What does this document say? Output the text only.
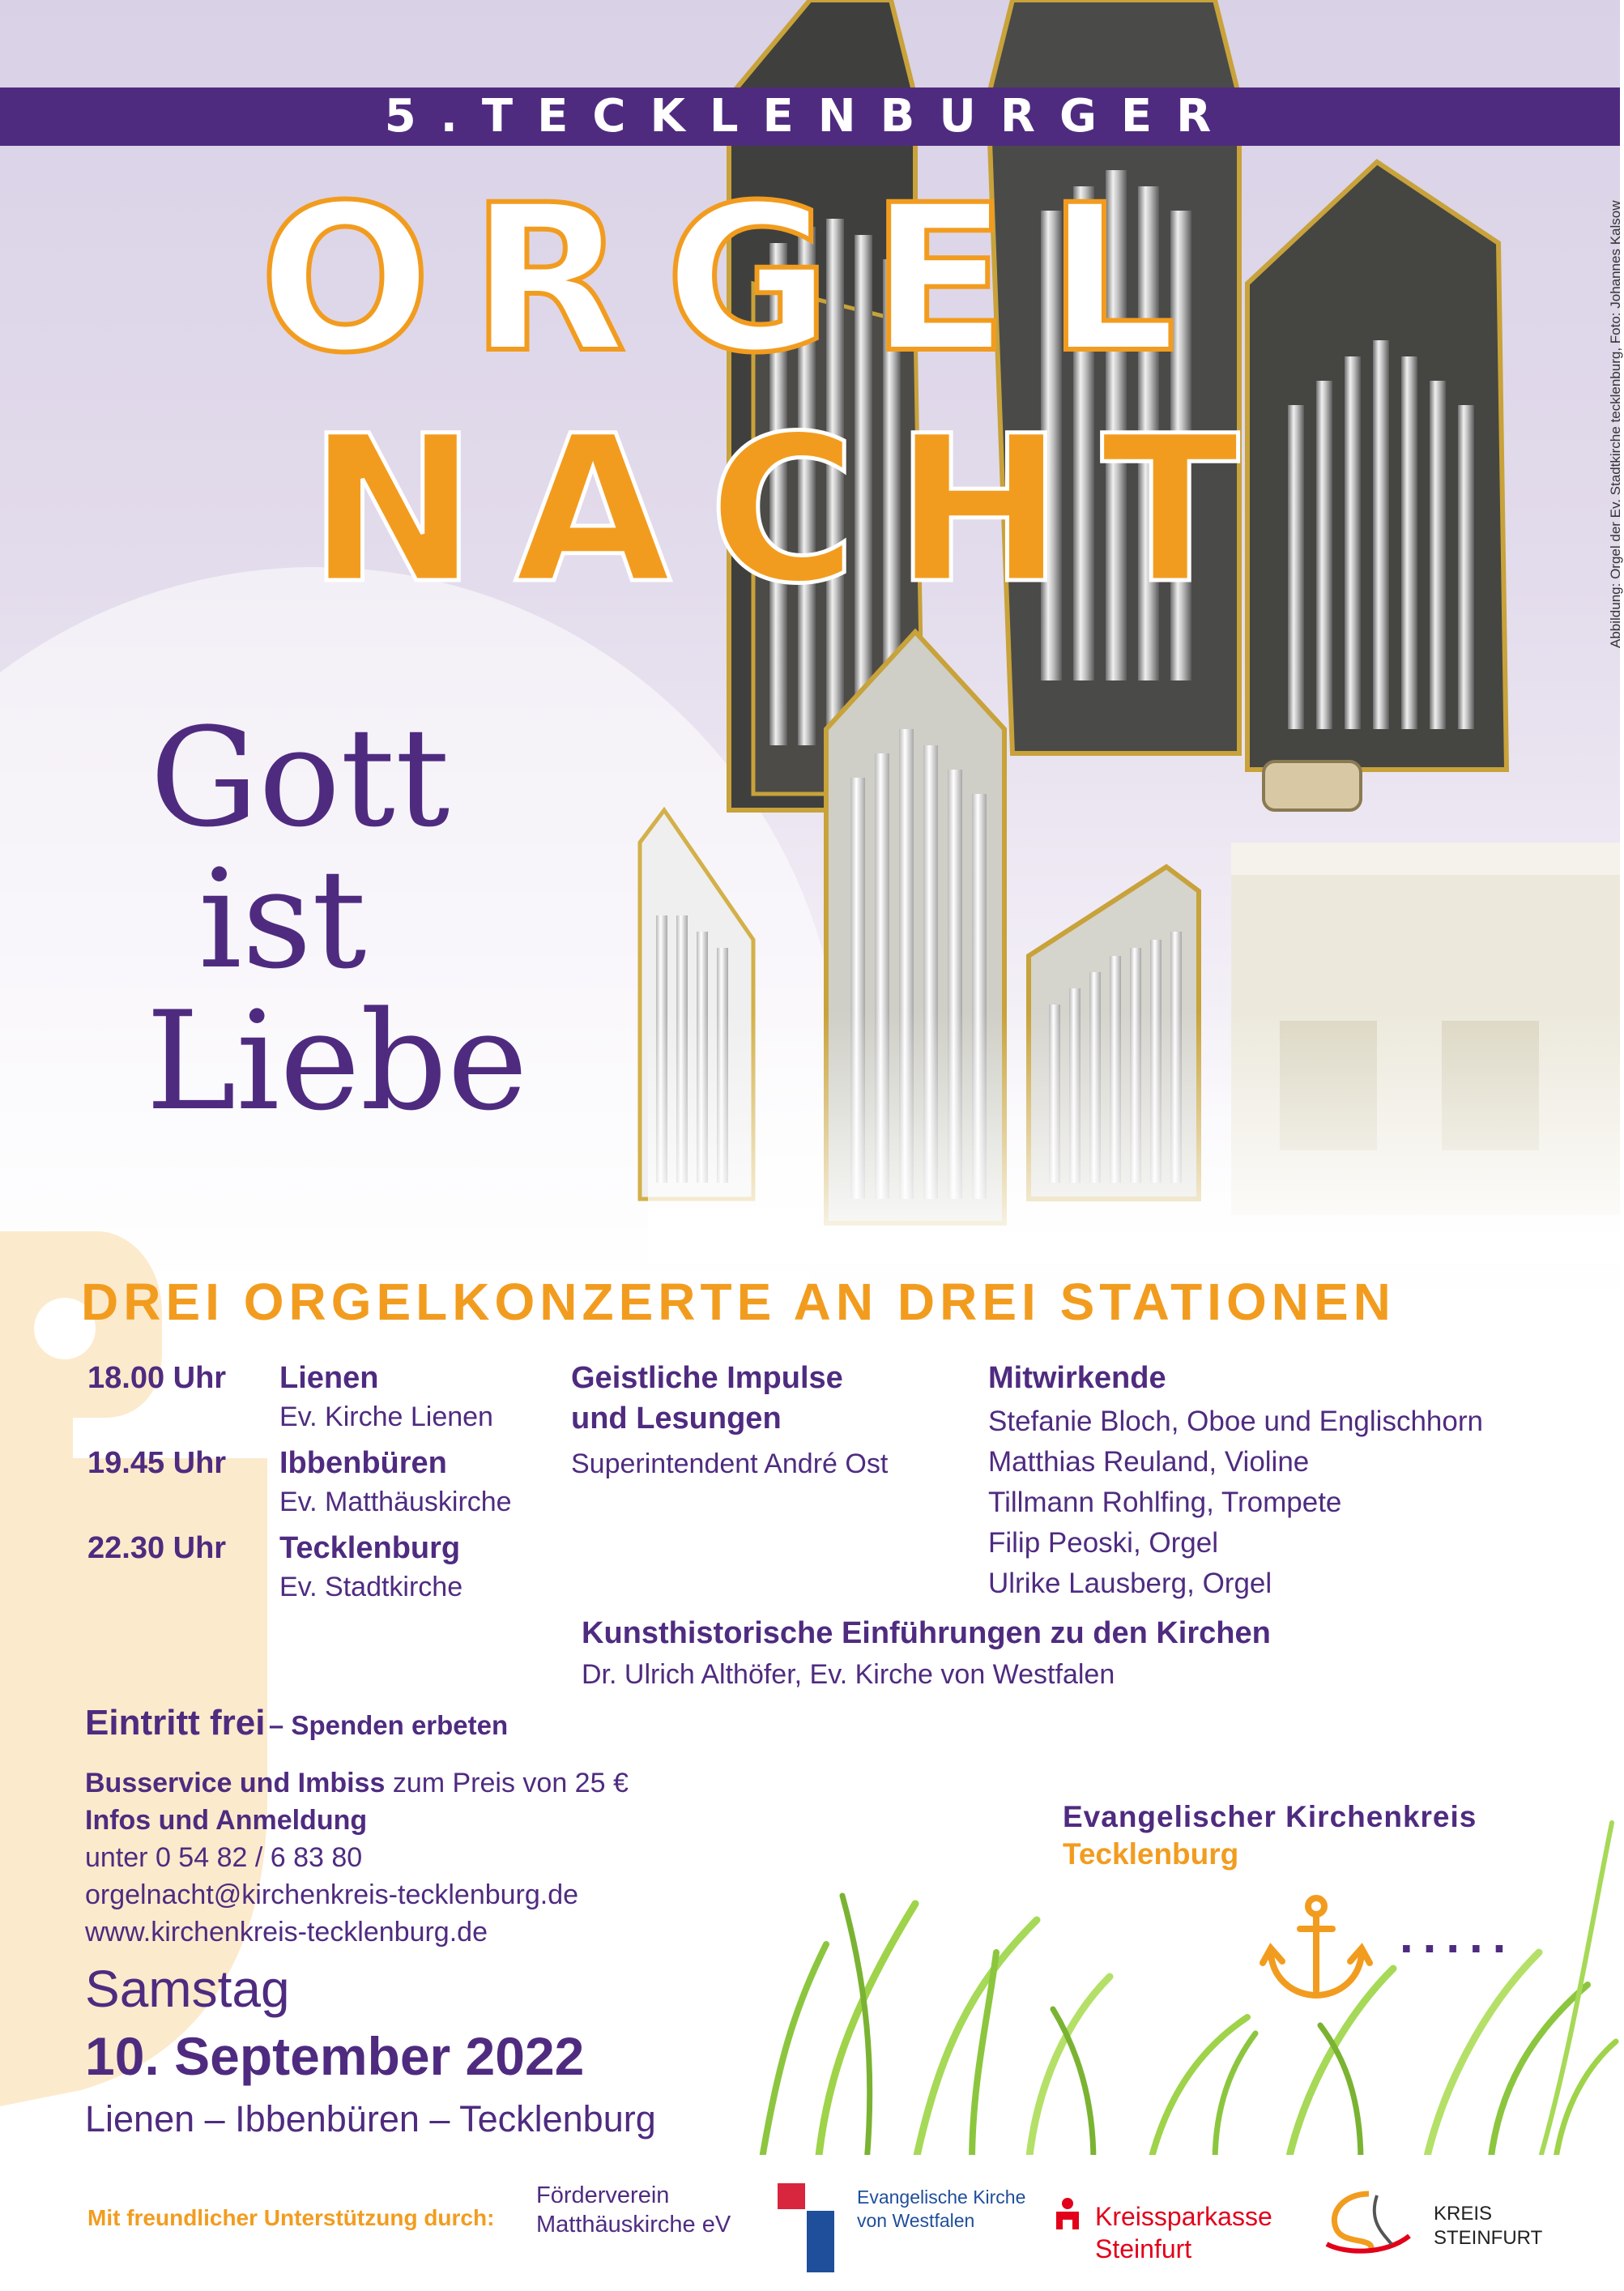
5.TECKLENBURGER
ORGEL
NACHT
Gott
ist
Liebe
Abbildung: Orgel der Ev. Stadtkirche tecklenburg, Foto: Johannes Kalsow
DREI ORGELKONZERTE AN DREI STATIONEN
18.00 Uhr Lienen
Ev. Kirche Lienen
19.45 Uhr Ibbenbüren
Ev. Matthäuskirche
22.30 Uhr Tecklenburg
Ev. Stadtkirche
Geistliche Impulse
und Lesungen
Superintendent André Ost
Mitwirkende
Stefanie Bloch, Oboe und Englischhorn
Matthias Reuland, Violine
Tillmann Rohlfing, Trompete
Filip Peoski, Orgel
Ulrike Lausberg, Orgel
Kunsthistorische Einführungen zu den Kirchen
Dr. Ulrich Althöfer, Ev. Kirche von Westfalen
Eintritt frei – Spenden erbeten
Busservice und Imbiss zum Preis von 25 €
Infos und Anmeldung
unter 0 54 82 / 6 83 80
orgelnacht@kirchenkreis-tecklenburg.de
www.kirchenkreis-tecklenburg.de
Samstag
10. September 2022
Lienen – Ibbenbüren – Tecklenburg
Evangelischer Kirchenkreis
Tecklenburg
.....
Mit freundlicher Unterstützung durch:
Förderverein
Matthäuskirche eV
Evangelische Kirche
von Westfalen	Kreissparkasse
Steinfurt
KREIS
STEINFURT
